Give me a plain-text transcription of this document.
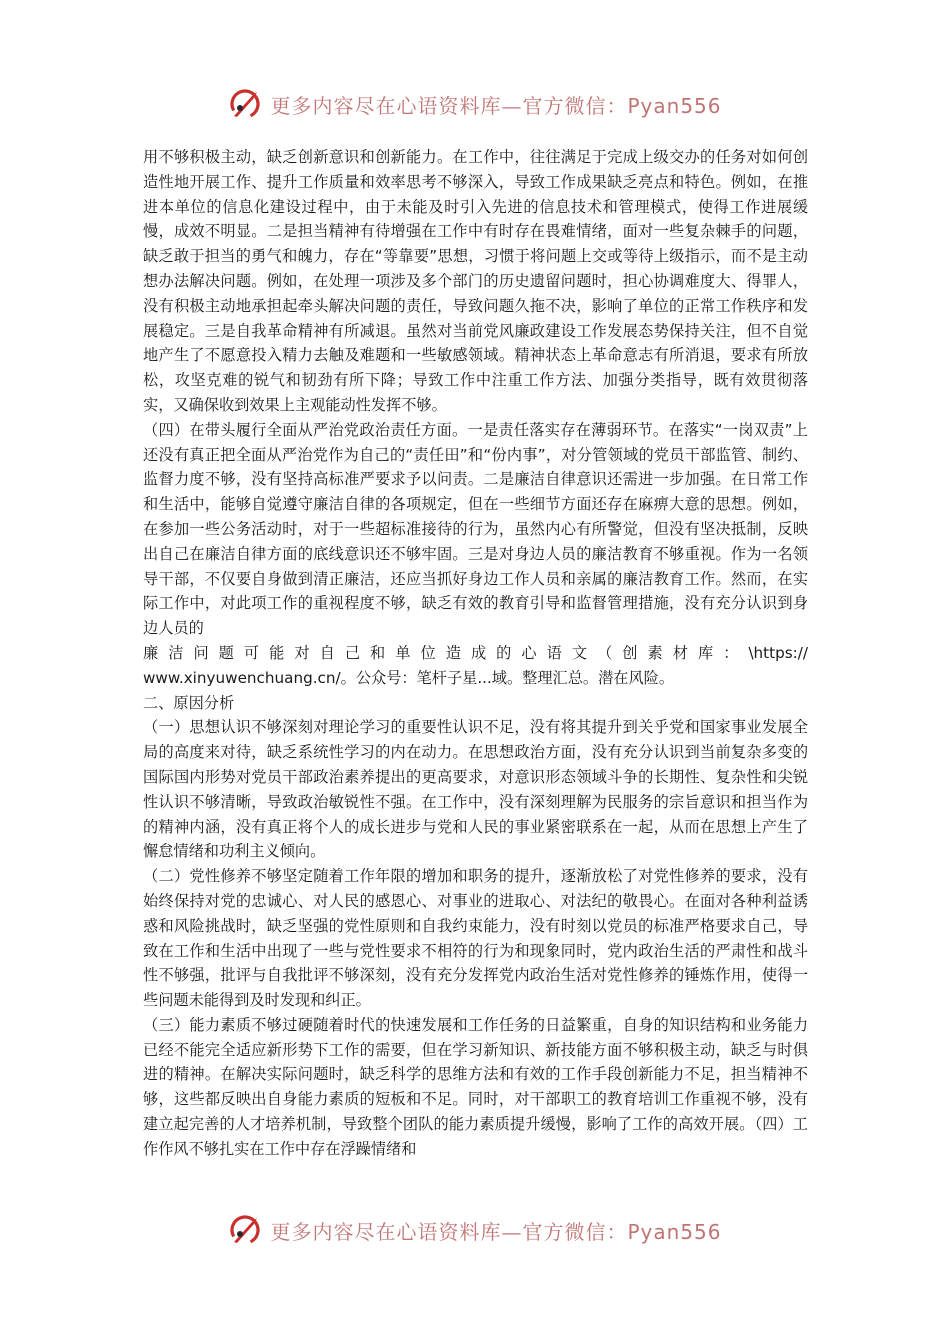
更多内容尽在心语资料库—官方微信：Pyan556

用不够积极主动，缺乏创新意识和创新能力。在工作中，往往满足于完成上级交办的任务对如何创造性地开展工作、提升工作质量和效率思考不够深入，导致工作成果缺乏亮点和特色。例如，在推进本单位的信息化建设过程中，由于未能及时引入先进的信息技术和管理模式，使得工作进展缓慢，成效不明显。二是担当精神有待增强在工作中有时存在畏难情绪，面对一些复杂棘手的问题，缺乏敢于担当的勇气和魄力，存在“等靠要”思想，习惯于将问题上交或等待上级指示，而不是主动想办法解决问题。例如，在处理一项涉及多个部门的历史遗留问题时，担心协调难度大、得罪人，没有积极主动地承担起牵头解决问题的责任，导致问题久拖不决，影响了单位的正常工作秩序和发展稳定。三是自我革命精神有所减退。虽然对当前党风廉政建设工作发展态势保持关注，但不自觉地产生了不愿意投入精力去触及难题和一些敏感领域。精神状态上革命意志有所消退，要求有所放松，攻坚克难的锐气和韧劲有所下降；导致工作中注重工作方法、加强分类指导，既有效贯彻落实，又确保收到效果上主观能动性发挥不够。

（四）在带头履行全面从严治党政治责任方面。一是责任落实存在薄弱环节。在落实“一岗双责”上还没有真正把全面从严治党作为自己的“责任田”和“份内事”，对分管领域的党员干部监管、制约、监督力度不够，没有坚持高标准严要求予以问责。二是廉洁自律意识还需进一步加强。在日常工作和生活中，能够自觉遵守廉洁自律的各项规定，但在一些细节方面还存在麻痹大意的思想。例如，在参加一些公务活动时，对于一些超标准接待的行为，虽然内心有所警觉，但没有坚决抵制，反映出自己在廉洁自律方面的底线意识还不够牢固。三是对身边人员的廉洁教育不够重视。作为一名领导干部，不仅要自身做到清正廉洁，还应当抓好身边工作人员和亲属的廉洁教育工作。然而，在实际工作中，对此项工作的重视程度不够，缺乏有效的教育引导和监督管理措施，没有充分认识到身边人员的

廉洁问题可能对自己和单位造成的心语文（创素材库：\https://

www.xinyuwenchuang.cn/。公众号：笔杆子星...域。整理汇总。潜在风险。

二、原因分析

（一）思想认识不够深刻对理论学习的重要性认识不足，没有将其提升到关乎党和国家事业发展全局的高度来对待，缺乏系统性学习的内在动力。在思想政治方面，没有充分认识到当前复杂多变的国际国内形势对党员干部政治素养提出的更高要求，对意识形态领域斗争的长期性、复杂性和尖锐性认识不够清晰，导致政治敏锐性不强。在工作中，没有深刻理解为民服务的宗旨意识和担当作为的精神内涵，没有真正将个人的成长进步与党和人民的事业紧密联系在一起，从而在思想上产生了懈怠情绪和功利主义倾向。

（二）党性修养不够坚定随着工作年限的增加和职务的提升，逐渐放松了对党性修养的要求，没有始终保持对党的忠诚心、对人民的感恩心、对事业的进取心、对法纪的敬畏心。在面对各种利益诱惑和风险挑战时，缺乏坚强的党性原则和自我约束能力，没有时刻以党员的标准严格要求自己，导致在工作和生活中出现了一些与党性要求不相符的行为和现象同时，党内政治生活的严肃性和战斗性不够强，批评与自我批评不够深刻，没有充分发挥党内政治生活对党性修养的锤炼作用，使得一些问题未能得到及时发现和纠正。

（三）能力素质不够过硬随着时代的快速发展和工作任务的日益繁重，自身的知识结构和业务能力已经不能完全适应新形势下工作的需要，但在学习新知识、新技能方面不够积极主动，缺乏与时俱进的精神。在解决实际问题时，缺乏科学的思维方法和有效的工作手段创新能力不足，担当精神不够，这些都反映出自身能力素质的短板和不足。同时，对干部职工的教育培训工作重视不够，没有建立起完善的人才培养机制，导致整个团队的能力素质提升缓慢，影响了工作的高效开展。（四）工作作风不够扎实在工作中存在浮躁情绪和

更多内容尽在心语资料库—官方微信：Pyan556
